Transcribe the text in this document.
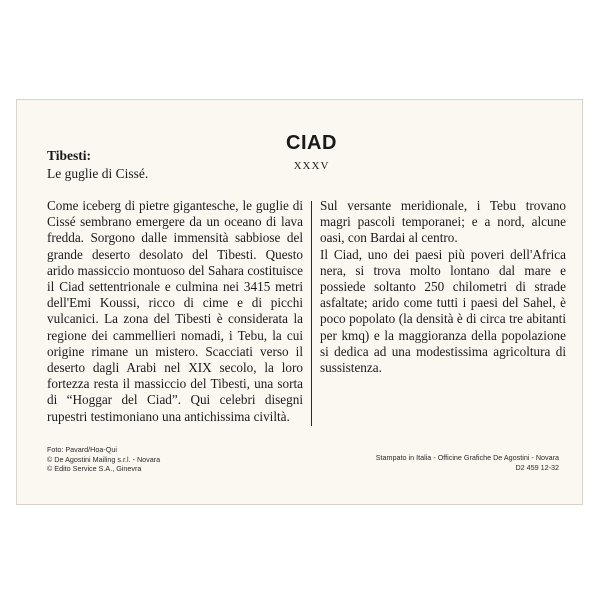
CIAD
XXXV
Tibesti:
Le guglie di Cissé.

Come iceberg di pietre gigantesche, le guglie di Cissé sembrano emergere da un oceano di lava fredda. Sorgono dalle immensità sabbiose del grande deserto desolato del Tibesti. Questo arido massiccio montuoso del Sahara costituisce il Ciad settentrionale e culmina nei 3415 metri dell'Emi Koussi, ricco di cime e di picchi vulcanici. La zona del Tibesti è considerata la regione dei cammellieri nomadi, i Tebu, la cui origine rimane un mistero. Scacciati verso il deserto dagli Arabi nel XIX secolo, la loro fortezza resta il massiccio del Tibesti, una sorta di “Hoggar del Ciad”. Qui celebri disegni rupestri testimoniano una antichissima civiltà.

Sul versante meridionale, i Tebu trovano magri pascoli temporanei; e a nord, alcune oasi, con Bardai al centro.

Il Ciad, uno dei paesi più poveri dell'Africa nera, si trova molto lontano dal mare e possiede soltanto 250 chilometri di strade asfaltate; arido come tutti i paesi del Sahel, è poco popolato (la densità è di circa tre abitanti per kmq) e la maggioranza della popolazione si dedica ad una modestissima agricoltura di sussistenza.

Foto: Pavard/Hoa-Qui
© De Agostini Mailing s.r.l. - Novara
© Edito Service S.A., Ginevra
Stampato in Italia - Officine Grafiche De Agostini - Novara
D2 459 12-32
